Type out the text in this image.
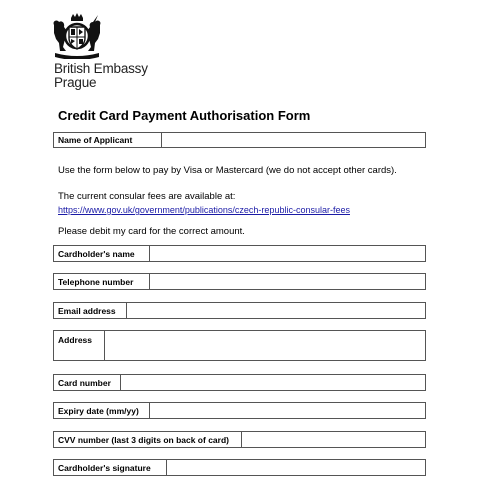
British Embassy
Prague
Credit Card Payment Authorisation Form
Name of Applicant
Use the form below to pay by Visa or Mastercard (we do not accept other cards).
The current consular fees are available at:
https://www.gov.uk/government/publications/czech-republic-consular-fees
Please debit my card for the correct amount.
Cardholder's name
Telephone number
Email address
Address
Card number
Expiry date (mm/yy)
CVV number (last 3 digits on back of card)
Cardholder's signature
